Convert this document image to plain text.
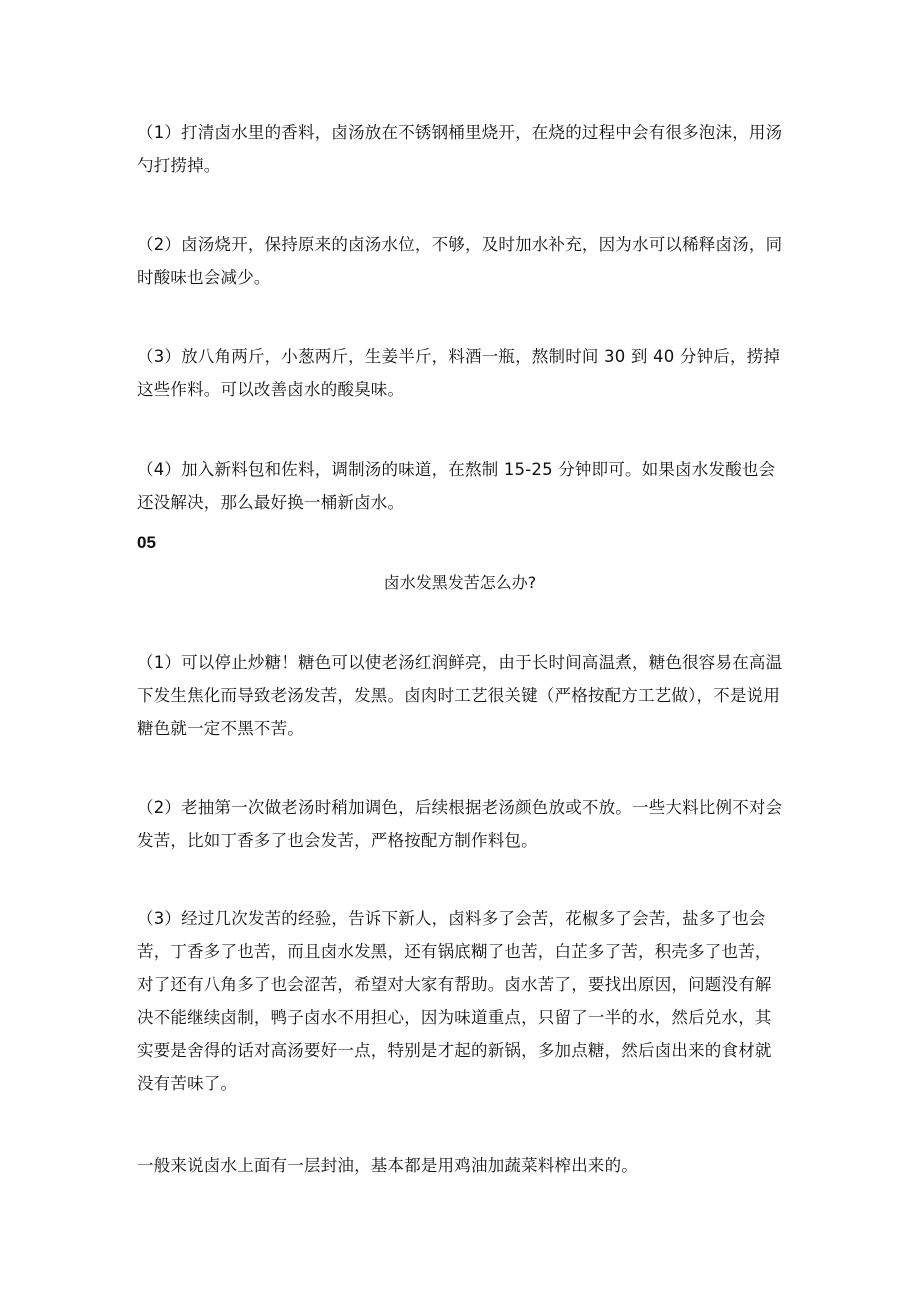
（1）打清卤水里的香料，卤汤放在不锈钢桶里烧开，在烧的过程中会有很多泡沫，用汤勺打捞掉。

（2）卤汤烧开，保持原来的卤汤水位，不够，及时加水补充，因为水可以稀释卤汤，同时酸味也会减少。

（3）放八角两斤，小葱两斤，生姜半斤，料酒一瓶，熬制时间 30 到 40 分钟后，捞掉这些作料。可以改善卤水的酸臭味。

（4）加入新料包和佐料，调制汤的味道，在熬制 15-25 分钟即可。如果卤水发酸也会还没解决，那么最好换一桶新卤水。

05

卤水发黑发苦怎么办?

（1）可以停止炒糖！糖色可以使老汤红润鲜亮，由于长时间高温煮，糖色很容易在高温下发生焦化而导致老汤发苦，发黑。卤肉时工艺很关键（严格按配方工艺做），不是说用糖色就一定不黑不苦。

（2）老抽第一次做老汤时稍加调色，后续根据老汤颜色放或不放。一些大料比例不对会发苦，比如丁香多了也会发苦，严格按配方制作料包。

（3）经过几次发苦的经验，告诉下新人，卤料多了会苦，花椒多了会苦，盐多了也会苦，丁香多了也苦，而且卤水发黑，还有锅底糊了也苦，白芷多了苦，积壳多了也苦，对了还有八角多了也会涩苦，希望对大家有帮助。卤水苦了，要找出原因，问题没有解决不能继续卤制，鸭子卤水不用担心，因为味道重点，只留了一半的水，然后兑水，其实要是舍得的话对高汤要好一点，特别是才起的新锅，多加点糖，然后卤出来的食材就没有苦味了。

一般来说卤水上面有一层封油，基本都是用鸡油加蔬菜料榨出来的。
